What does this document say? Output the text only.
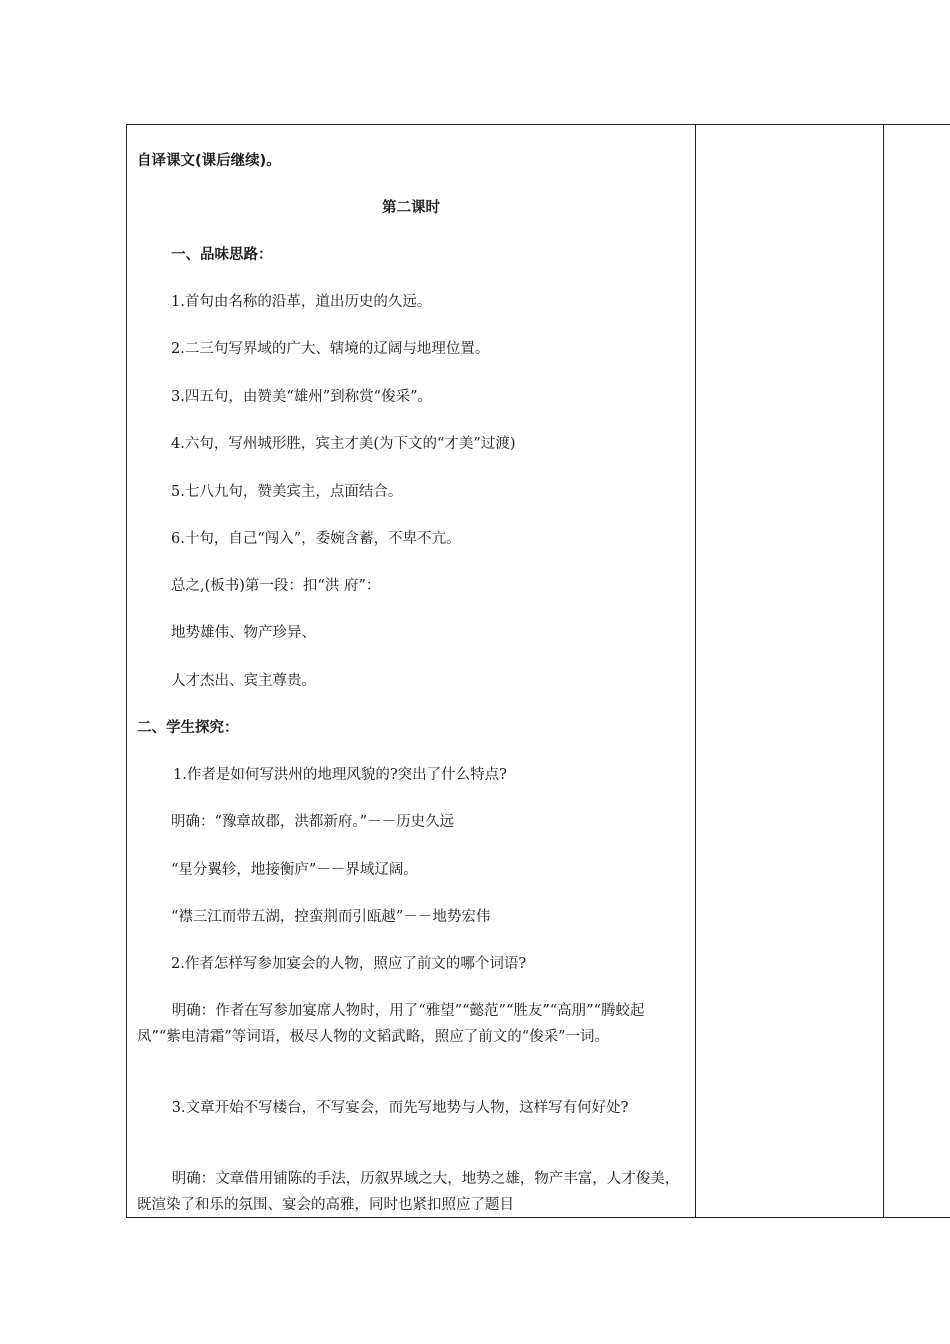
自译课文(课后继续)。
第二课时
一、品味思路：
1.首句由名称的沿革，道出历史的久远。
2.二三句写界域的广大、辖境的辽阔与地理位置。
3.四五句，由赞美“雄州”到称赏“俊采”。
4.六句，写州城形胜，宾主才美(为下文的“才美”过渡)
5.七八九句，赞美宾主，点面结合。
6.十句，自己“闯入”，委婉含蓄，不卑不亢。
总之,(板书)第一段：扣“洪 府”：
地势雄伟、物产珍异、
人才杰出、宾主尊贵。
二、学生探究：
1.作者是如何写洪州的地理风貌的?突出了什么特点?
明确：“豫章故郡，洪都新府。”－－历史久远
“星分翼轸，地接衡庐”－－界域辽阔。
“襟三江而带五湖，控蛮荆而引瓯越”－－地势宏伟
2.作者怎样写参加宴会的人物，照应了前文的哪个词语?
明确：作者在写参加宴席人物时，用了“雅望”“懿范”“胜友”“高朋”“腾蛟起凤”“紫电清霜”等词语，极尽人物的文韬武略，照应了前文的“俊采”一词。
3.文章开始不写楼台，不写宴会，而先写地势与人物，这样写有何好处?
明确：文章借用铺陈的手法，历叙界域之大，地势之雄，物产丰富，人才俊美，既渲染了和乐的氛围、宴会的高雅，同时也紧扣照应了题目
